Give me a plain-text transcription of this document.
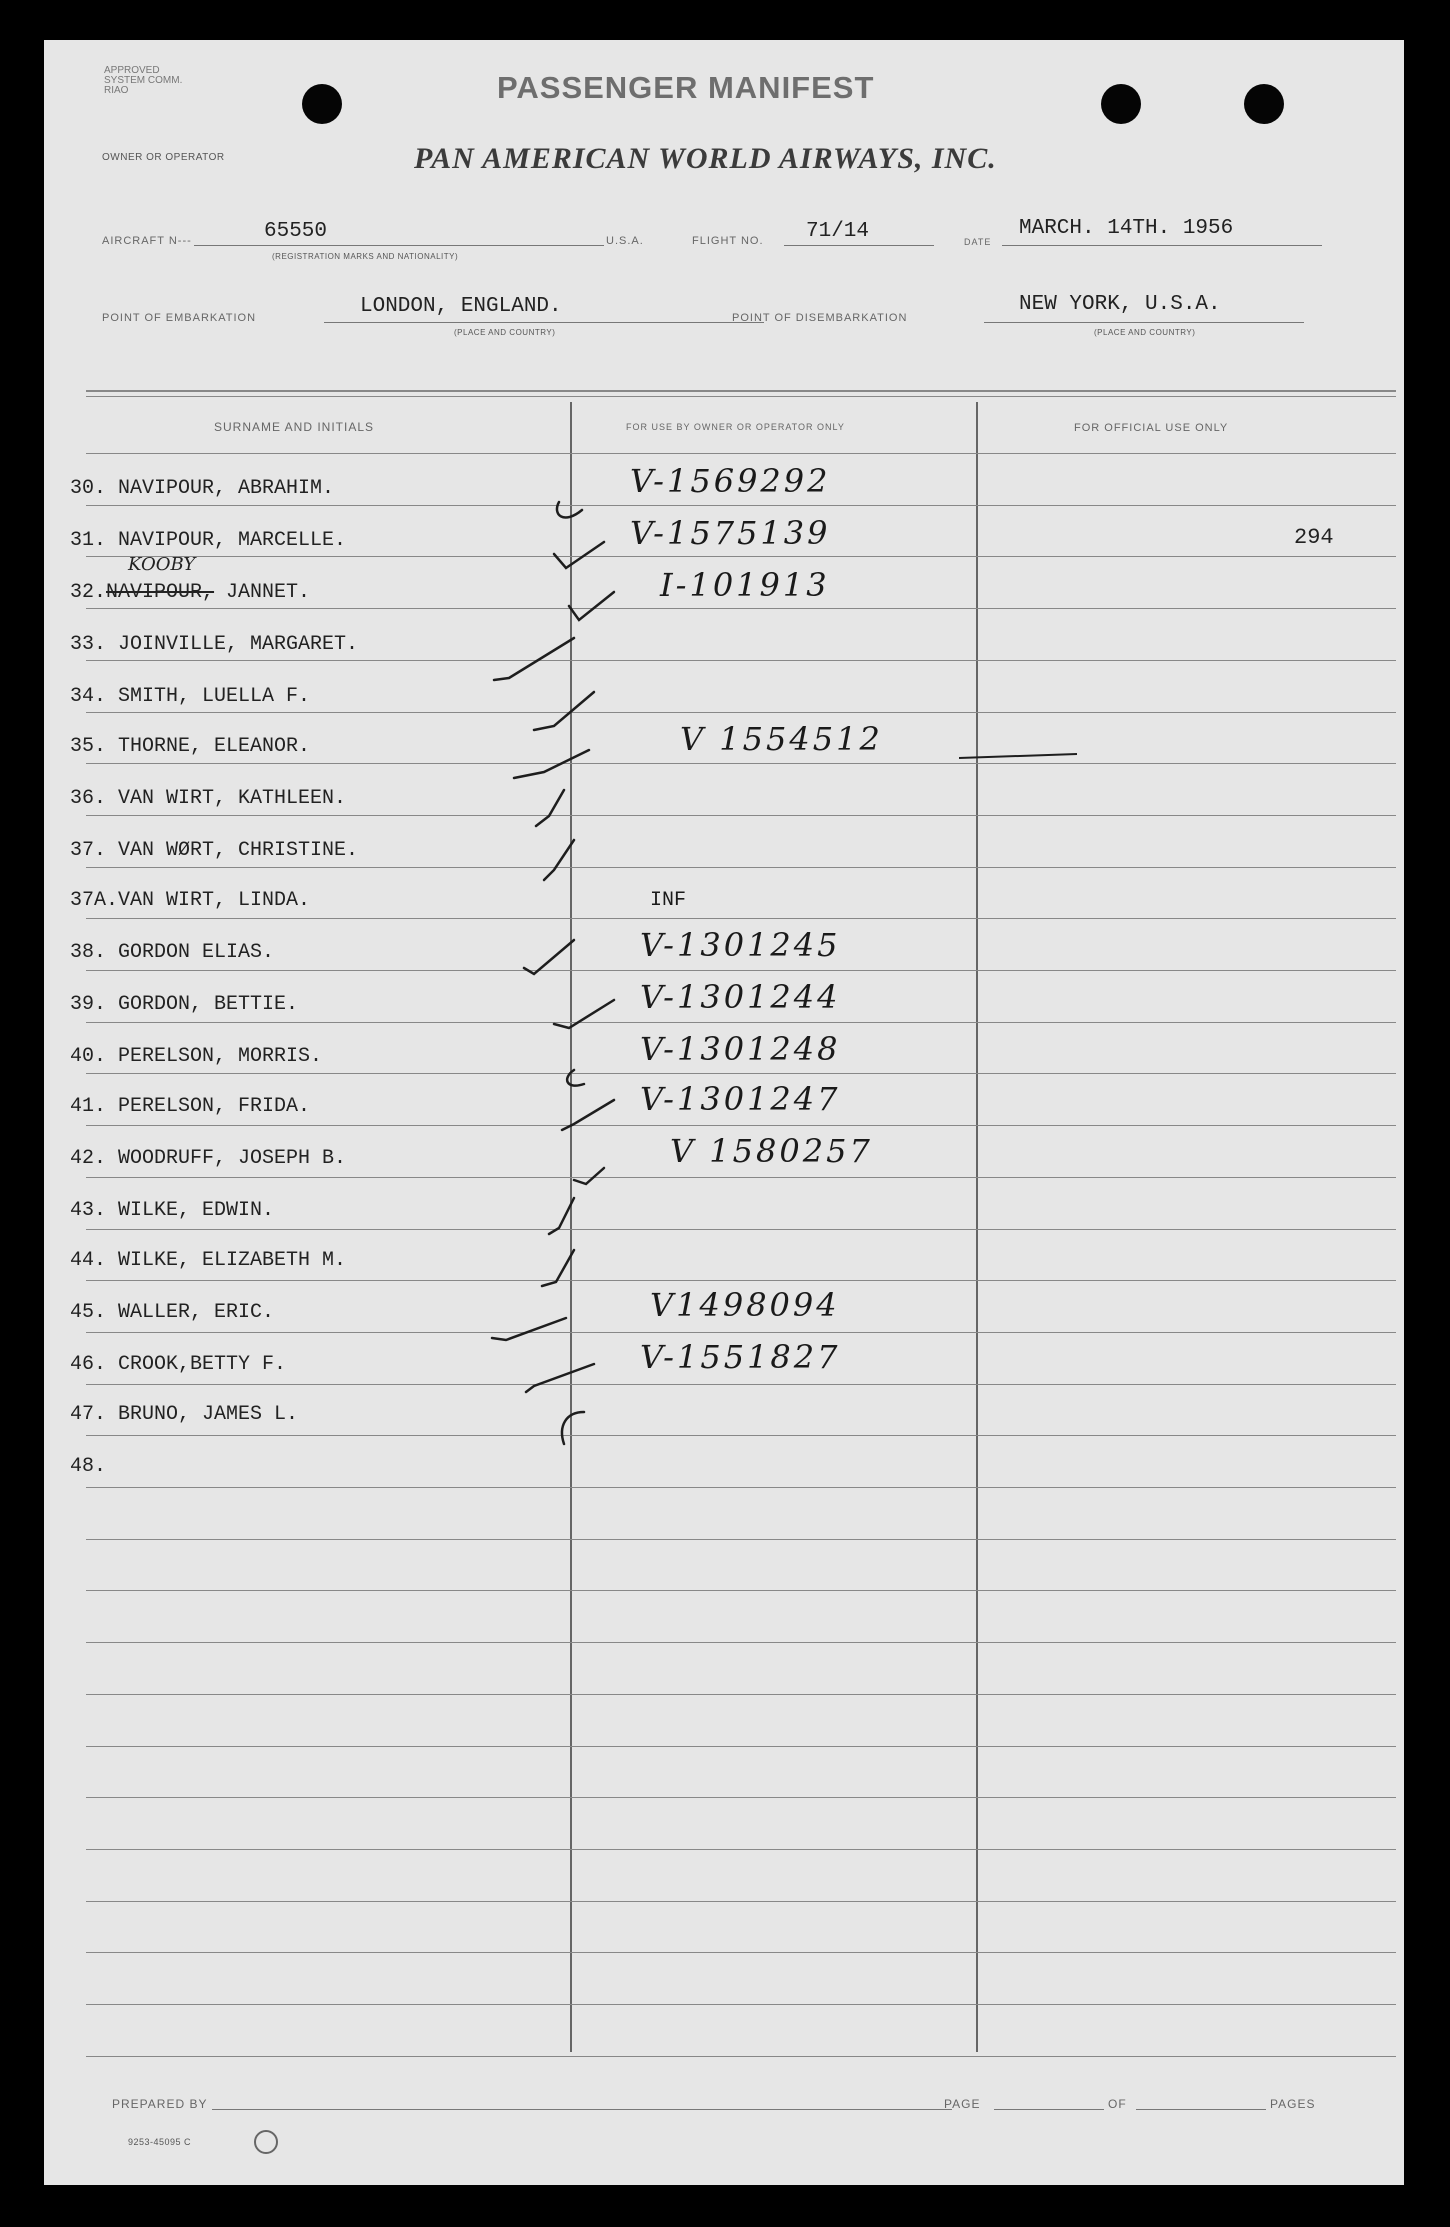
APPROVED
SYSTEM COMM.
RIAO	PASSENGER MANIFEST
OWNER OR OPERATOR	PAN AMERICAN WORLD AIRWAYS, INC.
AIRCRAFT N---	65550
(REGISTRATION MARKS AND NATIONALITY)
U.S.A.	FLIGHT NO. 71/14	DATE
MARCH. 14TH. 1956
POINT OF EMBARKATION	LONDON, ENGLAND.
(PLACE AND COUNTRY)
POINT OF DISEMBARKATION
NEW YORK, U.S.A.
(PLACE AND COUNTRY)
SURNAME AND INITIALS	FOR USE BY OWNER OR OPERATOR ONLY	FOR OFFICIAL USE ONLY
30. NAVIPOUR, ABRAHIM.	V-1569292
31. NAVIPOUR, MARCELLE.	V-1575139	294
KOOBY
32.NAVIPOUR, JANNET.	I-101913
33. JOINVILLE, MARGARET.
34. SMITH, LUELLA F.
35. THORNE, ELEANOR.	V 1554512
36. VAN WIRT, KATHLEEN.
37. VAN WØRT, CHRISTINE.
37A.VAN WIRT, LINDA.	INF
38. GORDON ELIAS.	V-1301245
39. GORDON, BETTIE.	V-1301244
40. PERELSON, MORRIS.	V-1301248
41. PERELSON, FRIDA.	V-1301247
42. WOODRUFF, JOSEPH B.	V 1580257
43. WILKE, EDWIN.
44. WILKE, ELIZABETH M.
45. WALLER, ERIC.	V1498094
46. CROOK,BETTY F.	V-1551827
47. BRUNO, JAMES L.
48.
PREPARED BY	PAGE	OF	PAGES
9253-45095 C
